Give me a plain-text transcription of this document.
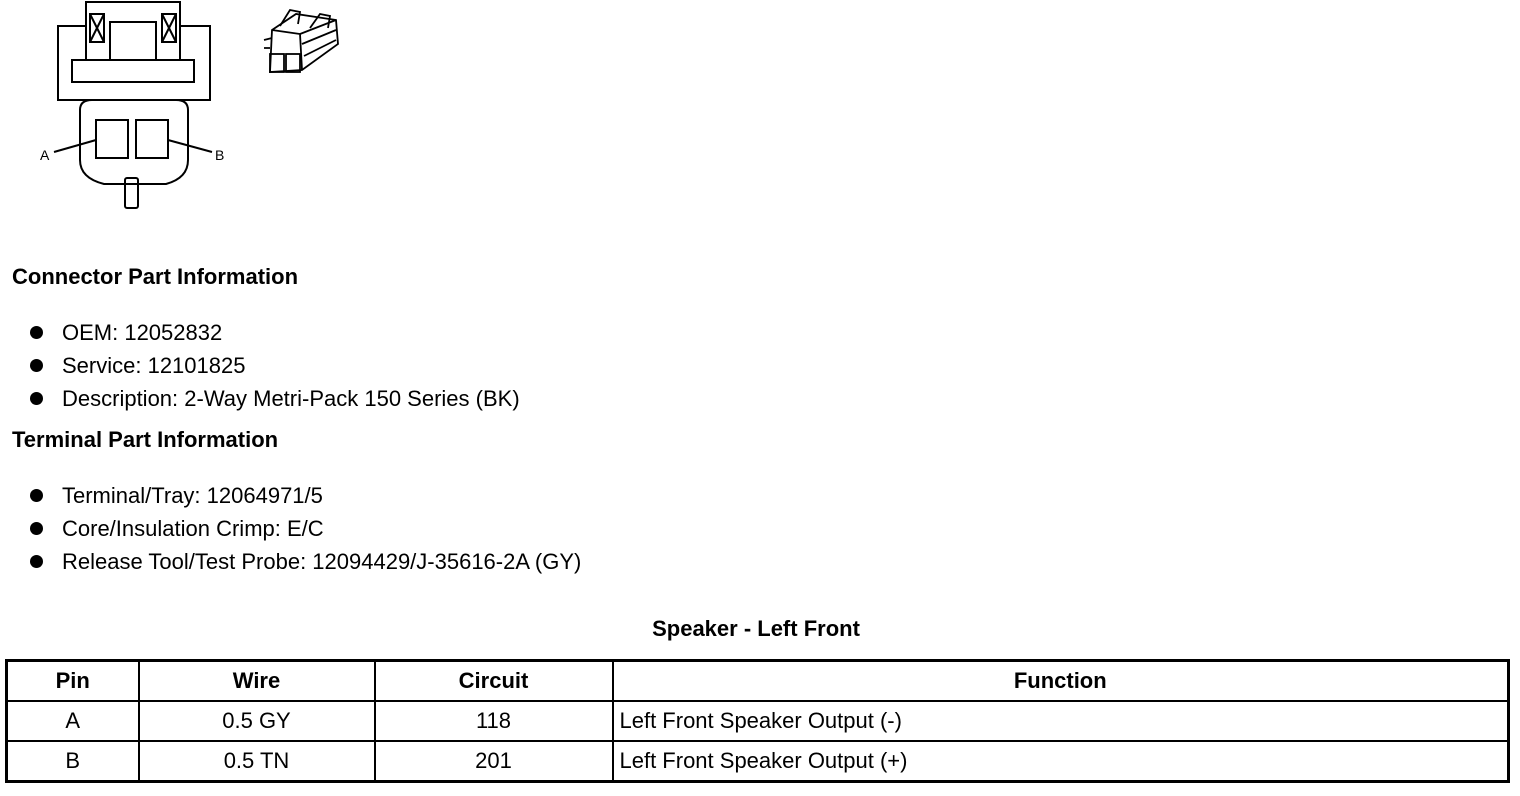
A	B
Connector Part Information
OEM: 12052832
Service: 12101825
Description: 2-Way Metri-Pack 150 Series (BK)
Terminal Part Information
Terminal/Tray: 12064971/5
Core/Insulation Crimp: E/C
Release Tool/Test Probe: 12094429/J-35616-2A (GY)
Speaker - Left Front
Pin	Wire	Circuit	Function
A	0.5 GY	118	Left Front Speaker Output (-)
B	0.5 TN	201	Left Front Speaker Output (+)
